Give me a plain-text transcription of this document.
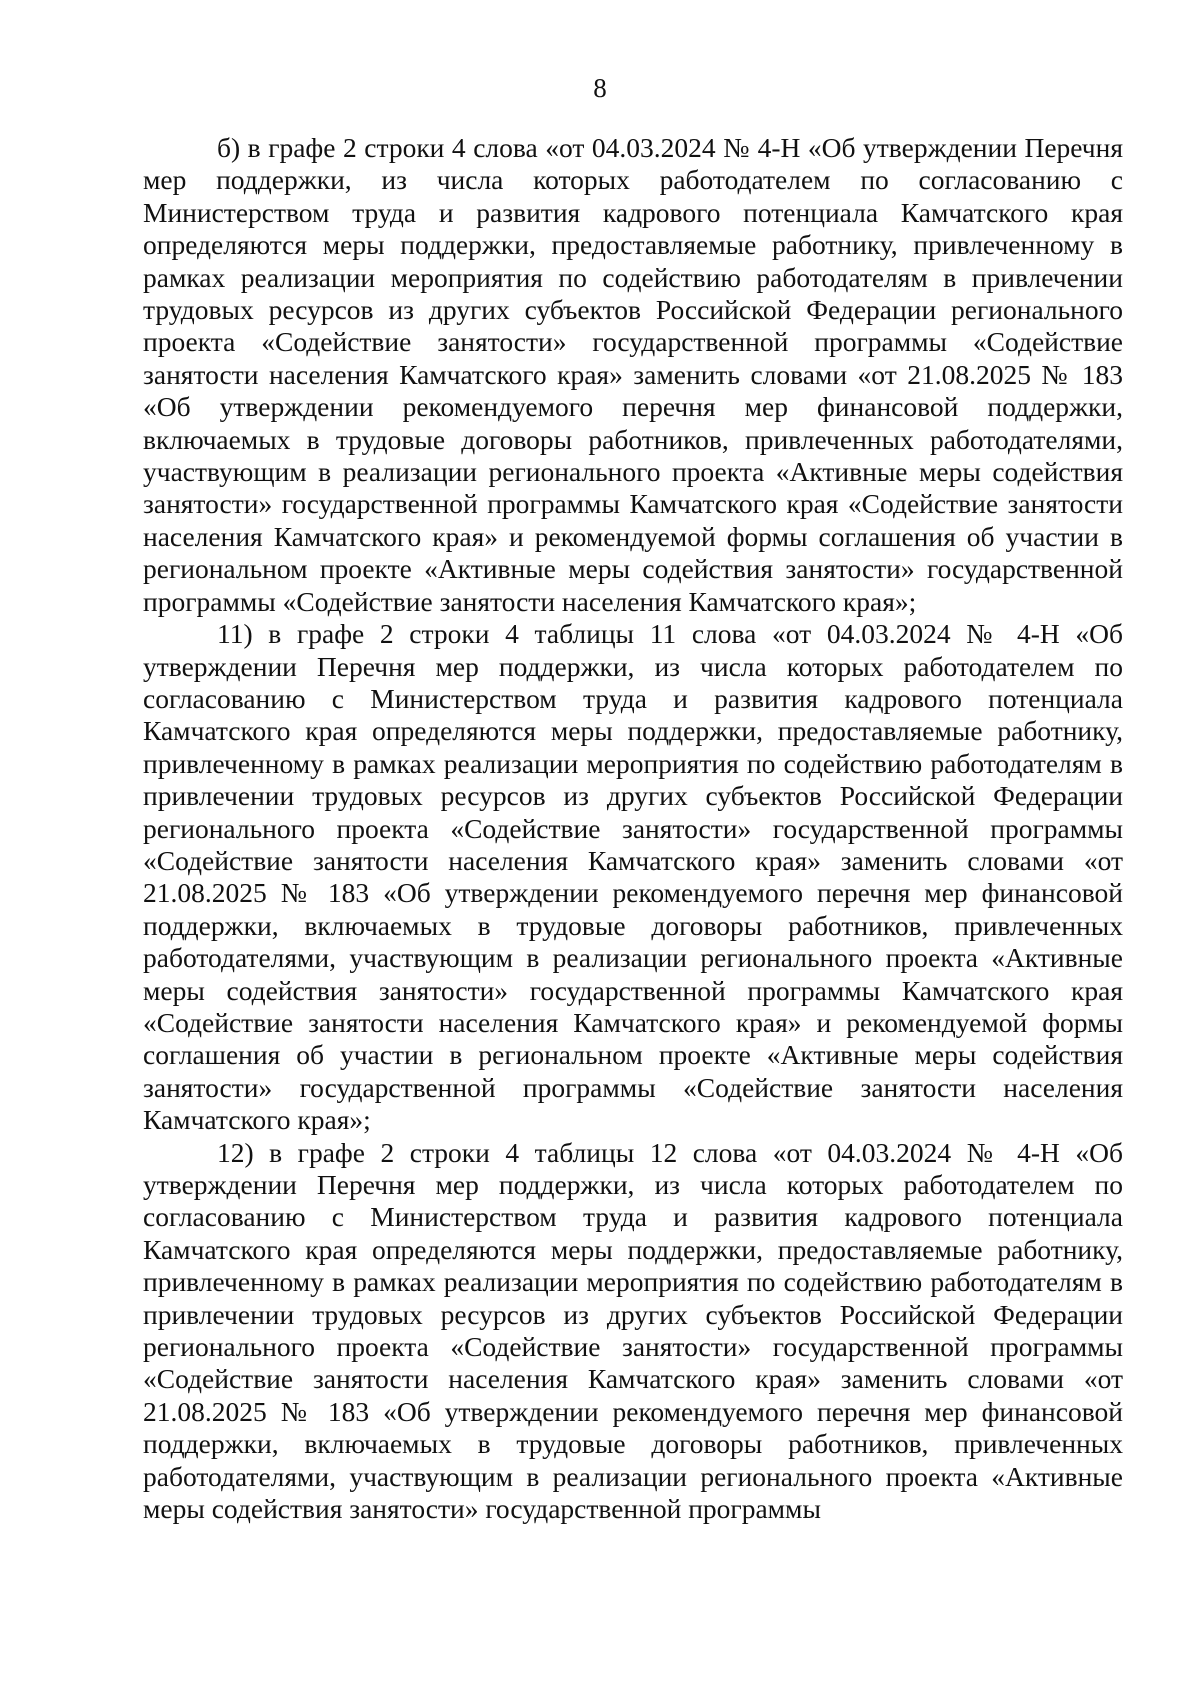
8

б) в графе 2 строки 4 слова «от 04.03.2024 № 4-Н «Об утверждении Перечня мер поддержки, из числа которых работодателем по согласованию с Министерством труда и развития кадрового потенциала Камчатского края определяются меры поддержки, предоставляемые работнику, привлеченному в рамках реализации мероприятия по содействию работодателям в привлечении трудовых ресурсов из других субъектов Российской Федерации регионального проекта «Содействие занятости» государственной программы «Содействие занятости населения Камчатского края» заменить словами «от 21.08.2025 № 183 «Об утверждении рекомендуемого перечня мер финансовой поддержки, включаемых в трудовые договоры работников, привлеченных работодателями, участвующим в реализации регионального проекта «Активные меры содействия занятости» государственной программы Камчатского края «Содействие занятости населения Камчатского края» и рекомендуемой формы соглашения об участии в региональном проекте «Активные меры содействия занятости» государственной программы «Содействие занятости населения Камчатского края»;

11) в графе 2 строки 4 таблицы 11 слова «от 04.03.2024 № 4-Н «Об утверждении Перечня мер поддержки, из числа которых работодателем по согласованию с Министерством труда и развития кадрового потенциала Камчатского края определяются меры поддержки, предоставляемые работнику, привлеченному в рамках реализации мероприятия по содействию работодателям в привлечении трудовых ресурсов из других субъектов Российской Федерации регионального проекта «Содействие занятости» государственной программы «Содействие занятости населения Камчатского края» заменить словами «от 21.08.2025 № 183 «Об утверждении рекомендуемого перечня мер финансовой поддержки, включаемых в трудовые договоры работников, привлеченных работодателями, участвующим в реализации регионального проекта «Активные меры содействия занятости» государственной программы Камчатского края «Содействие занятости населения Камчатского края» и рекомендуемой формы соглашения об участии в региональном проекте «Активные меры содействия занятости» государственной программы «Содействие занятости населения Камчатского края»;

12) в графе 2 строки 4 таблицы 12 слова «от 04.03.2024 № 4-Н «Об утверждении Перечня мер поддержки, из числа которых работодателем по согласованию с Министерством труда и развития кадрового потенциала Камчатского края определяются меры поддержки, предоставляемые работнику, привлеченному в рамках реализации мероприятия по содействию работодателям в привлечении трудовых ресурсов из других субъектов Российской Федерации регионального проекта «Содействие занятости» государственной программы «Содействие занятости населения Камчатского края» заменить словами «от 21.08.2025 № 183 «Об утверждении рекомендуемого перечня мер финансовой поддержки, включаемых в трудовые договоры работников, привлеченных работодателями, участвующим в реализации регионального проекта «Активные меры содействия занятости» государственной программы
